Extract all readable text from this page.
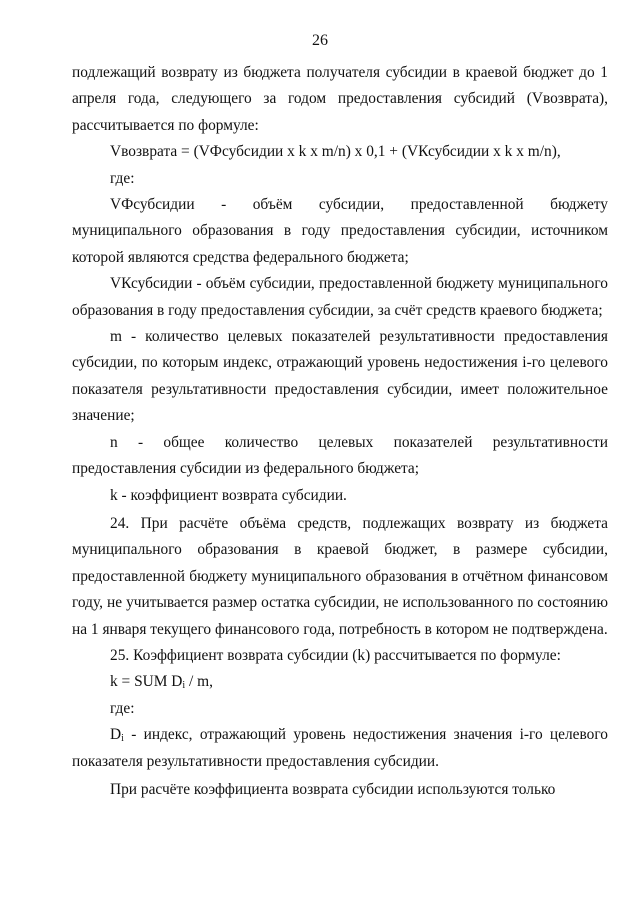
26

подлежащий возврату из бюджета получателя субсидии в краевой бюджет до 1 апреля года, следующего за годом предоставления субсидий (Vвозврата), рассчитывается по формуле:

Vвозврата = (VФсубсидии x k x m/n) x 0,1 + (VКсубсидии x k x m/n),

где:

VФсубсидии - объём субсидии, предоставленной бюджету муниципального образования в году предоставления субсидии, источником которой являются средства федерального бюджета;

VКсубсидии - объём субсидии, предоставленной бюджету муниципального образования в году предоставления субсидии, за счёт средств краевого бюджета;

m - количество целевых показателей результативности предоставления субсидии, по которым индекс, отражающий уровень недостижения i-го целевого показателя результативности предоставления субсидии, имеет положительное значение;

n - общее количество целевых показателей результативности предоставления субсидии из федерального бюджета;

k - коэффициент возврата субсидии.

24. При расчёте объёма средств, подлежащих возврату из бюджета муниципального образования в краевой бюджет, в размере субсидии, предоставленной бюджету муниципального образования в отчётном финансовом году, не учитывается размер остатка субсидии, не использованного по состоянию на 1 января текущего финансового года, потребность в котором не подтверждена.

25. Коэффициент возврата субсидии (k) рассчитывается по формуле:

k = SUM $D_i$ / m,

где:

$D_i$ - индекс, отражающий уровень недостижения значения i-го целевого показателя результативности предоставления субсидии.

При расчёте коэффициента возврата субсидии используются только
